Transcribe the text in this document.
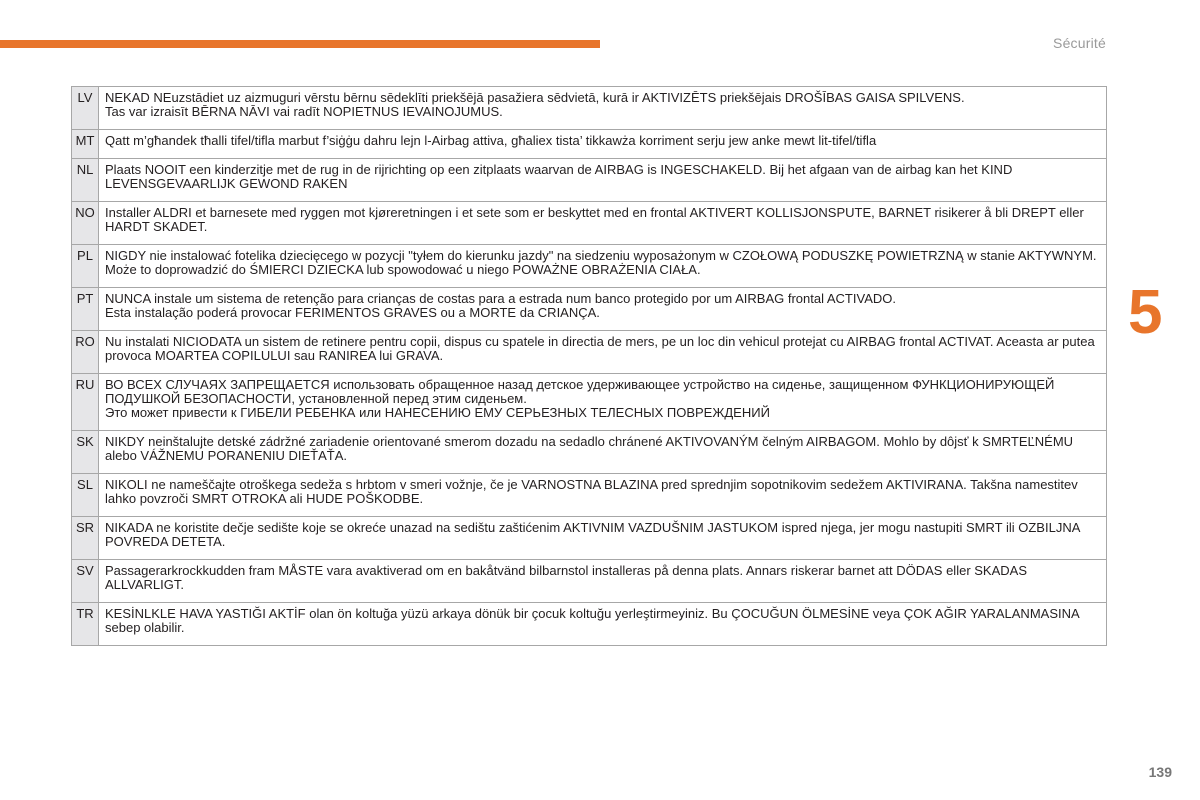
Sécurité
LV	NEKAD NEuzstādiet uz aizmuguri vērstu bērnu sēdeklīti priekšējā pasažiera sēdvietā, kurā ir AKTIVIZĒTS priekšējais DROŠĪBAS GAISA SPILVENS.
Tas var izraisīt BĒRNA NĀVI vai radīt NOPIETNUS IEVAINOJUMUS.

MT	Qatt m’għandek tħalli tifel/tifla marbut f’siġġu dahru lejn l-Airbag attiva, għaliex tista’ tikkawża korriment serju jew anke mewt lit-tifel/tifla

NL	Plaats NOOIT een kinderzitje met de rug in de rijrichting op een zitplaats waarvan de AIRBAG is INGESCHAKELD. Bij het afgaan van de airbag kan het KIND LEVENSGEVAARLIJK GEWOND RAKEN

NO	Installer ALDRI et barnesete med ryggen mot kjøreretningen i et sete som er beskyttet med en frontal AKTIVERT KOLLISJONSPUTE, BARNET risikerer å bli DREPT eller HARDT SKADET.

PL	NIGDY nie instalować fotelika dziecięcego w pozycji "tyłem do kierunku jazdy" na siedzeniu wyposażonym w CZOŁOWĄ PODUSZKĘ POWIETRZNĄ w stanie AKTYWNYM. Może to doprowadzić do ŚMIERCI DZIECKA lub spowodować u niego POWAŻNE OBRAŻENIA CIAŁA.

PT	NUNCA instale um sistema de retenção para crianças de costas para a estrada num banco protegido por um AIRBAG frontal ACTIVADO.
Esta instalação poderá provocar FERIMENTOS GRAVES ou a MORTE da CRIANÇA.

RO	Nu instalati NICIODATA un sistem de retinere pentru copii, dispus cu spatele in directia de mers, pe un loc din vehicul protejat cu AIRBAG frontal ACTIVAT. Aceasta ar putea provoca MOARTEA COPILULUI sau RANIREA lui GRAVA.

RU	ВО ВСЕХ СЛУЧАЯХ ЗАПРЕЩАЕТСЯ использовать обращенное назад детское удерживающее устройство на сиденье, защищенном ФУНКЦИОНИРУЮЩЕЙ ПОДУШКОЙ БЕЗОПАСНОСТИ, установленной перед этим сиденьем.
Это может привести к ГИБЕЛИ РЕБЕНКА или НАНЕСЕНИЮ ЕМУ СЕРЬЕЗНЫХ ТЕЛЕСНЫХ ПОВРЕЖДЕНИЙ

SK	NIKDY neinštalujte detské zádržné zariadenie orientované smerom dozadu na sedadlo chránené AKTIVOVANÝM čelným AIRBAGOM. Mohlo by dôjsť k SMRTEĽNÉMU alebo VÁŽNEMU PORANENIU DIEŤAŤA.

SL	NIKOLI ne nameščajte otroškega sedeža s hrbtom v smeri vožnje, če je VARNOSTNA BLAZINA pred sprednjim sopotnikovim sedežem AKTIVIRANA. Takšna namestitev lahko povzroči SMRT OTROKA ali HUDE POŠKODBE.

SR	NIKADA ne koristite dečje sedište koje se okreće unazad na sedištu zaštićenim AKTIVNIM VAZDUŠNIM JASTUKOM ispred njega, jer mogu nastupiti SMRT ili OZBILJNA POVREDA DETETA.

SV	Passagerarkrockkudden fram MÅSTE vara avaktiverad om en bakåtvänd bilbarnstol installeras på denna plats. Annars riskerar barnet att DÖDAS eller SKADAS ALLVARLIGT.

TR	KESİNLKLE HAVA YASTIĞI AKTİF olan ön koltuğa yüzü arkaya dönük bir çocuk koltuğu yerleştirmeyiniz. Bu ÇOCUĞUN ÖLMESİNE veya ÇOK AĞIR YARALANMASINA sebep olabilir.
5
139
